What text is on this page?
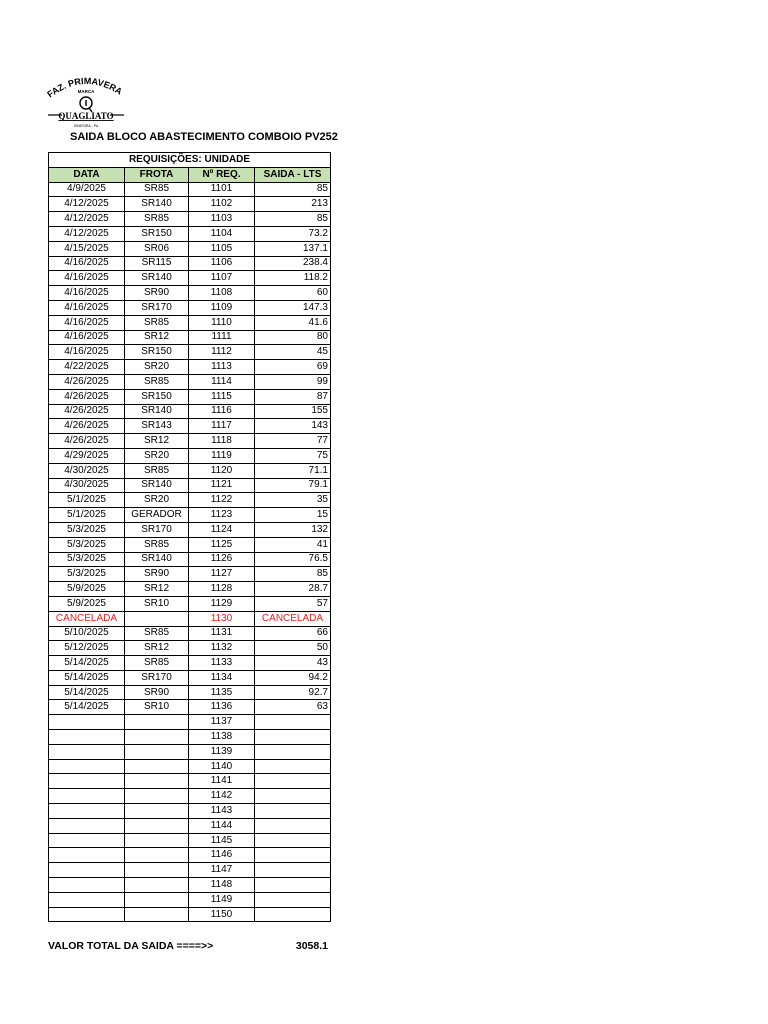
FAZ. PRIMAVERA
MARCA
QUAGLIATO
IGNESIRA - PA
SAIDA BLOCO ABASTECIMENTO COMBOIO PV252
REQUISIÇÕES: UNIDADE			
DATA	FROTA	Nº REQ.	SAIDA - LTS
4/9/2025	SR85	1101	85
4/12/2025	SR140	1102	213
4/12/2025	SR85	1103	85
4/12/2025	SR150	1104	73.2
4/15/2025	SR06	1105	137.1
4/16/2025	SR115	1106	238.4
4/16/2025	SR140	1107	118.2
4/16/2025	SR90	1108	60
4/16/2025	SR170	1109	147.3
4/16/2025	SR85	1110	41.6
4/16/2025	SR12	1111	80
4/16/2025	SR150	1112	45
4/22/2025	SR20	1113	69
4/26/2025	SR85	1114	99
4/26/2025	SR150	1115	87
4/26/2025	SR140	1116	155
4/26/2025	SR143	1117	143
4/26/2025	SR12	1118	77
4/29/2025	SR20	1119	75
4/30/2025	SR85	1120	71.1
4/30/2025	SR140	1121	79.1
5/1/2025	SR20	1122	35
5/1/2025	GERADOR	1123	15
5/3/2025	SR170	1124	132
5/3/2025	SR85	1125	41
5/3/2025	SR140	1126	76.5
5/3/2025	SR90	1127	85
5/9/2025	SR12	1128	28.7
5/9/2025	SR10	1129	57
CANCELADA		1130	CANCELADA
5/10/2025	SR85	1131	66
5/12/2025	SR12	1132	50
5/14/2025	SR85	1133	43
5/14/2025	SR170	1134	94.2
5/14/2025	SR90	1135	92.7
5/14/2025	SR10	1136	63
		1137	
		1138	
		1139	
		1140	
		1141	
		1142	
		1143	
		1144	
		1145	
		1146	
		1147	
		1148	
		1149	
		1150	
VALOR TOTAL DA SAIDA ====>>	3058.1
